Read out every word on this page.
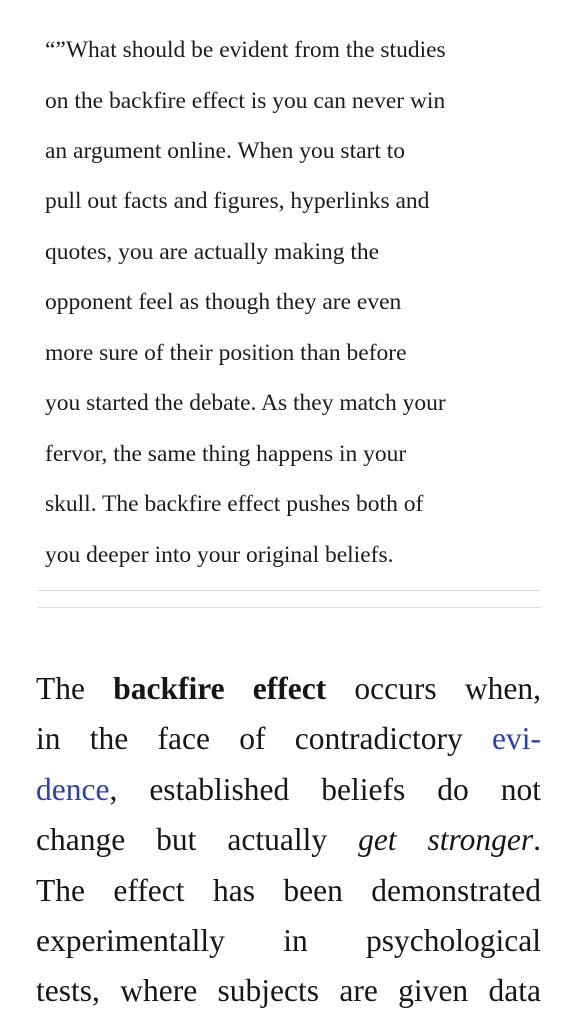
“”What should be evident from the studies
on the backfire effect is you can never win
an argument online. When you start to
pull out facts and figures, hyperlinks and
quotes, you are actually making the
opponent feel as though they are even
more sure of their position than before
you started the debate. As they match your
fervor, the same thing happens in your
skull. The backfire effect pushes both of
you deeper into your original beliefs.
The backfire effect occurs when,
in the face of contradictory evi-
dence, established beliefs do not
change but actually get stronger.
The effect has been demonstrated
experimentally in psychological
tests, where subjects are given data
